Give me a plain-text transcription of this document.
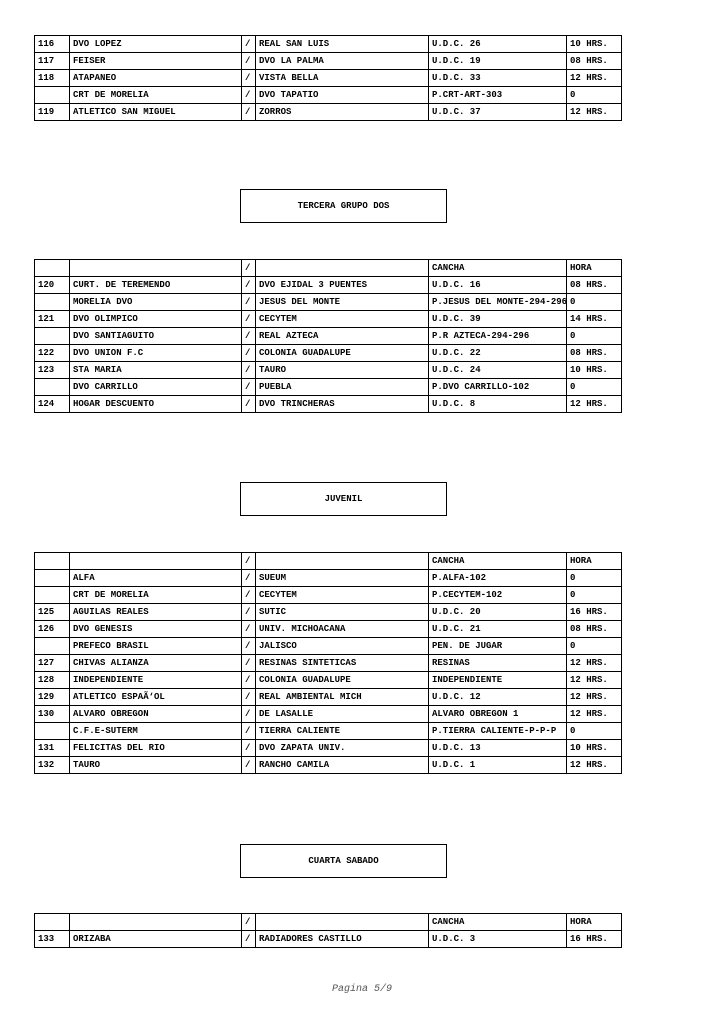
116	DVO LOPEZ	/	REAL SAN LUIS	U.D.C. 26	10 HRS.
117	FEISER	/	DVO LA PALMA	U.D.C. 19	08 HRS.
118	ATAPANEO	/	VISTA BELLA	U.D.C. 33	12 HRS.
	CRT DE MORELIA	/	DVO TAPATIO	P.CRT-ART-303	0
119	ATLETICO SAN MIGUEL	/	ZORROS	U.D.C. 37	12 HRS.
TERCERA GRUPO DOS
		/		CANCHA	HORA
120	CURT. DE TEREMENDO	/	DVO EJIDAL 3 PUENTES	U.D.C. 16	08 HRS.
	MORELIA DVO	/	JESUS DEL MONTE	P.JESUS DEL MONTE-294-296	0
121	DVO OLIMPICO	/	CECYTEM	U.D.C. 39	14 HRS.
	DVO SANTIAGUITO	/	REAL AZTECA	P.R AZTECA-294-296	0
122	DVO UNION F.C	/	COLONIA GUADALUPE	U.D.C. 22	08 HRS.
123	STA MARIA	/	TAURO	U.D.C. 24	10 HRS.
	DVO CARRILLO	/	PUEBLA	P.DVO CARRILLO-102	0
124	HOGAR DESCUENTO	/	DVO TRINCHERAS	U.D.C. 8	12 HRS.
JUVENIL
		/		CANCHA	HORA
	ALFA	/	SUEUM	P.ALFA-102	0
	CRT DE MORELIA	/	CECYTEM	P.CECYTEM-102	0
125	AGUILAS REALES	/	SUTIC	U.D.C. 20	16 HRS.
126	DVO GENESIS	/	UNIV. MICHOACANA	U.D.C. 21	08 HRS.
	PREFECO BRASIL	/	JALISCO	PEN. DE JUGAR	0
127	CHIVAS ALIANZA	/	RESINAS SINTETICAS	RESINAS	12 HRS.
128	INDEPENDIENTE	/	COLONIA GUADALUPE	INDEPENDIENTE	12 HRS.
129	ATLETICO ESPAÃ‘OL	/	REAL AMBIENTAL MICH	U.D.C. 12	12 HRS.
130	ALVARO OBREGON	/	DE LASALLE	ALVARO OBREGON 1	12 HRS.
	C.F.E-SUTERM	/	TIERRA CALIENTE	P.TIERRA CALIENTE-P-P-P	0
131	FELICITAS DEL RIO	/	DVO ZAPATA UNIV.	U.D.C. 13	10 HRS.
132	TAURO	/	RANCHO CAMILA	U.D.C. 1	12 HRS.
CUARTA SABADO
		/		CANCHA	HORA
133	ORIZABA	/	RADIADORES CASTILLO	U.D.C. 3	16 HRS.
Pagina 5/9
